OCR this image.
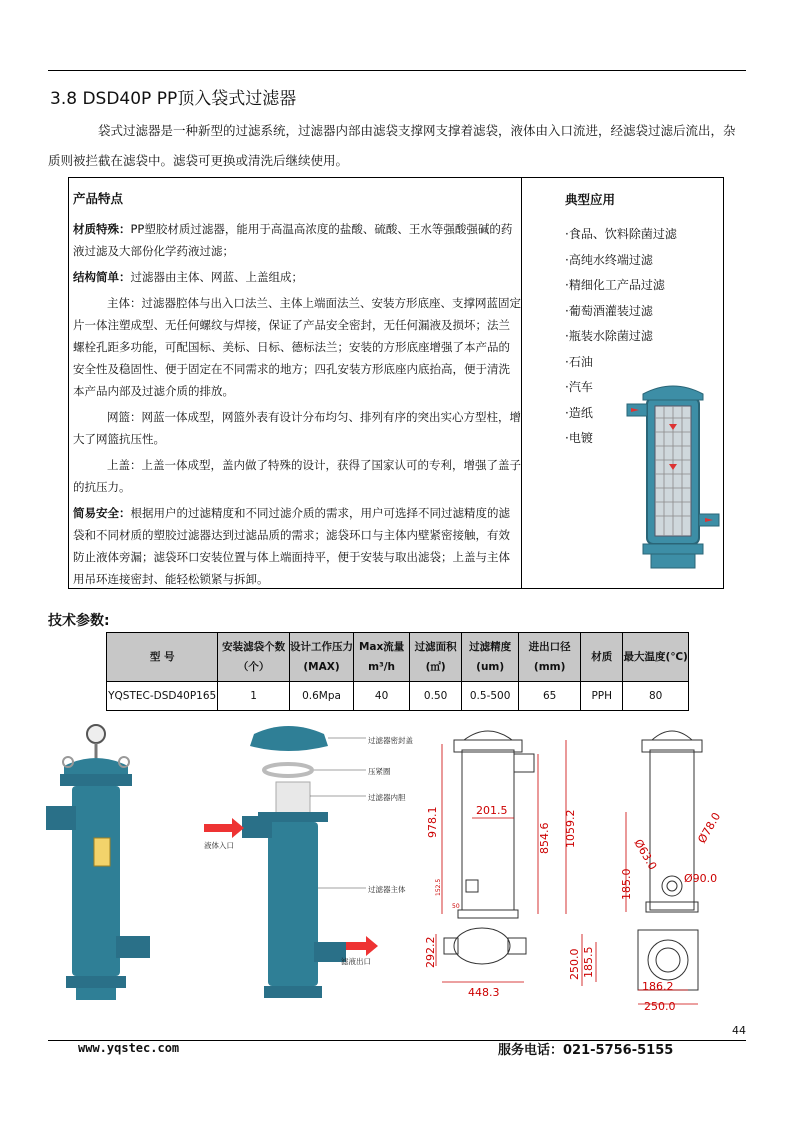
3.8 DSD40P PP顶入袋式过滤器
袋式过滤器是一种新型的过滤系统，过滤器内部由滤袋支撑网支撑着滤袋，液体由入口流进，经滤袋过滤后流出，杂质则被拦截在滤袋中。滤袋可更换或清洗后继续使用。

产品特点

材质特殊：PP塑胶材质过滤器，能用于高温高浓度的盐酸、硫酸、王水等强酸强碱的药液过滤及大部份化学药液过滤；

结构简单：过滤器由主体、网蓝、上盖组成；

主体：过滤器腔体与出入口法兰、主体上端面法兰、安装方形底座、支撑网蓝固定片一体注塑成型、无任何螺纹与焊接，保证了产品安全密封，无任何漏液及损坏；法兰螺栓孔距多功能，可配国标、美标、日标、德标法兰；安装的方形底座增强了本产品的安全性及稳固性、便于固定在不同需求的地方；四孔安装方形底座内底抬高，便于清洗本产品内部及过滤介质的排放。

网篮：网蓝一体成型，网篮外表有设计分布均匀、排列有序的突出实心方型柱，增大了网篮抗压性。

上盖：上盖一体成型，盖内做了特殊的设计，获得了国家认可的专利，增强了盖子的抗压力。

简易安全：根据用户的过滤精度和不同过滤介质的需求，用户可选择不同过滤精度的滤袋和不同材质的塑胶过滤器达到过滤品质的需求；滤袋环口与主体内壁紧密接触，有效防止液体旁漏；滤袋环口安装位置与体上端面持平，便于安装与取出滤袋；上盖与主体用吊环连接密封、能轻松锁紧与拆卸。

典型应用

·食品、饮料除菌过滤
·高纯水终端过滤
·精细化工产品过滤
·葡萄酒灌装过滤
·瓶装水除菌过滤
·石油
·汽车
·造纸
·电镀
技术参数:
型 号	安装滤袋个数（个）	设计工作压力(MAX)	Max流量m³/h	过滤面积(㎡)	过滤精度(um)	进出口径(mm)	材质	最大温度(℃)
YQSTEC-DSD40P165	1	0.6Mpa	40	0.50	0.5-500	65	PPH	80
过滤器密封盖
压紧圈
过滤器内胆
过滤器主体
液体入口
滤液出口
978.1	201.5
854.6 1059.2
152.5
50
Ø63.0
Ø78.0
Ø90.0
185.0
292.2
448.3
250.0 185.5
186.2
250.0
44
www.yqstec.com	服务电话：021-5756-5155
